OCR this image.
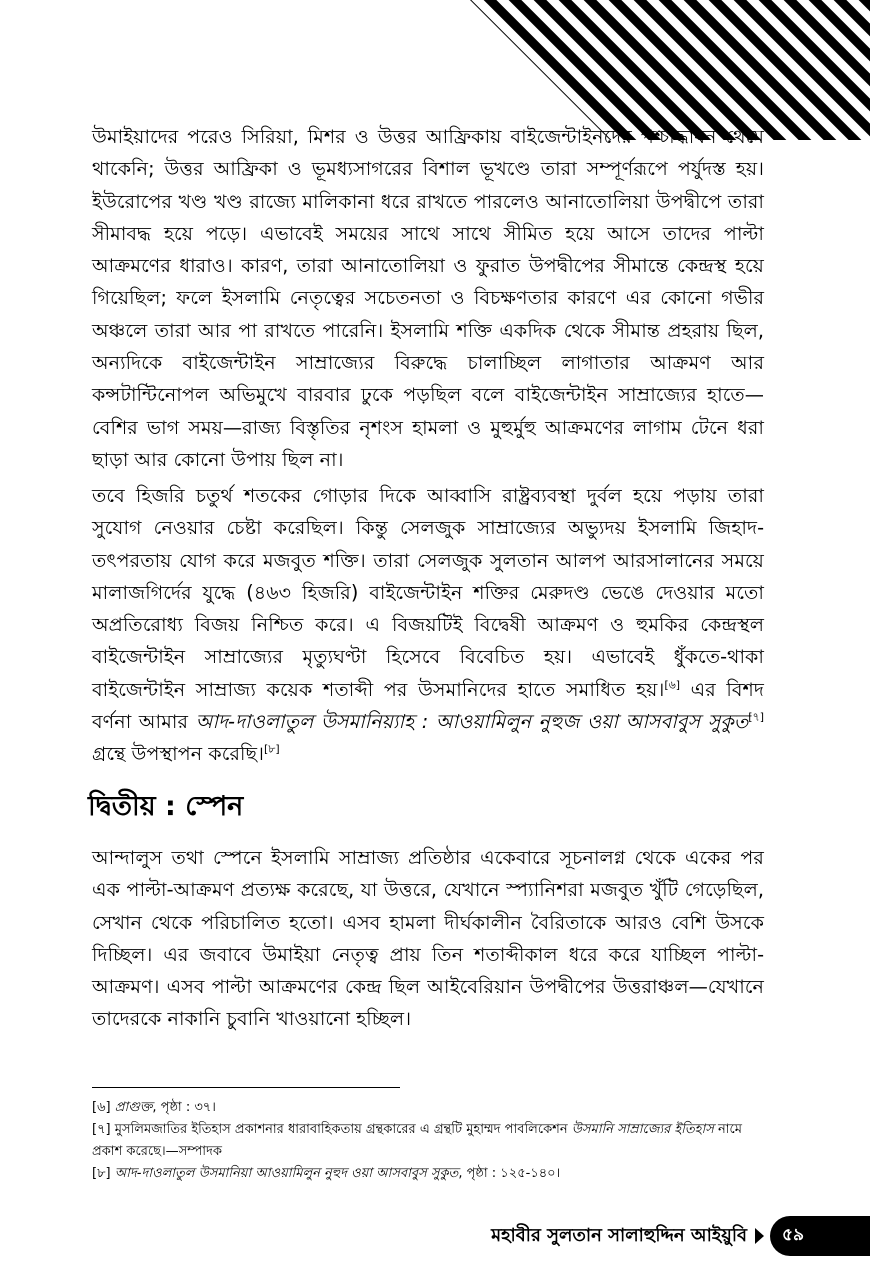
উমাইয়াদের পরেও সিরিয়া, মিশর ও উত্তর আফ্রিকায় বাইজেন্টাইনদের পশ্চাদ্ধাবন থেমে থাকেনি; উত্তর আফ্রিকা ও ভূমধ্যসাগরের বিশাল ভূখণ্ডে তারা সম্পূর্ণরূপে পর্যুদস্ত হয়। ইউরোপের খণ্ড খণ্ড রাজ্যে মালিকানা ধরে রাখতে পারলেও আনাতোলিয়া উপদ্বীপে তারা সীমাবদ্ধ হয়ে পড়ে। এভাবেই সময়ের সাথে সাথে সীমিত হয়ে আসে তাদের পাল্টা আক্রমণের ধারাও। কারণ, তারা আনাতোলিয়া ও ফুরাত উপদ্বীপের সীমান্তে কেন্দ্রস্থ হয়ে গিয়েছিল; ফলে ইসলামি নেতৃত্বের সচেতনতা ও বিচক্ষণতার কারণে এর কোনো গভীর অঞ্চলে তারা আর পা রাখতে পারেনি। ইসলামি শক্তি একদিক থেকে সীমান্ত প্রহরায় ছিল, অন্যদিকে বাইজেন্টাইন সাম্রাজ্যের বিরুদ্ধে চালাচ্ছিল লাগাতার আক্রমণ আর কন্সটান্টিনোপল অভিমুখে বারবার ঢুকে পড়ছিল বলে বাইজেন্টাইন সাম্রাজ্যের হাতে—বেশির ভাগ সময়—রাজ্য বিস্তৃতির নৃশংস হামলা ও মুহুর্মুহু আক্রমণের লাগাম টেনে ধরা ছাড়া আর কোনো উপায় ছিল না।

তবে হিজরি চতুর্থ শতকের গোড়ার দিকে আব্বাসি রাষ্ট্রব্যবস্থা দুর্বল হয়ে পড়ায় তারা সুযোগ নেওয়ার চেষ্টা করেছিল। কিন্তু সেলজুক সাম্রাজ্যের অভ্যুদয় ইসলামি জিহাদ-তৎপরতায় যোগ করে মজবুত শক্তি। তারা সেলজুক সুলতান আলপ আরসালানের সময়ে মালাজগির্দের যুদ্ধে (৪৬৩ হিজরি) বাইজেন্টাইন শক্তির মেরুদণ্ড ভেঙে দেওয়ার মতো অপ্রতিরোধ্য বিজয় নিশ্চিত করে। এ বিজয়টিই বিদ্বেষী আক্রমণ ও হুমকির কেন্দ্রস্থল বাইজেন্টাইন সাম্রাজ্যের মৃত্যুঘণ্টা হিসেবে বিবেচিত হয়। এভাবেই ধুঁকতে-থাকা বাইজেন্টাইন সাম্রাজ্য কয়েক শতাব্দী পর উসমানিদের হাতে সমাধিত হয়।[৬] এর বিশদ বর্ণনা আমার আদ-দাওলাতুল উসমানিয়্যাহ : আওয়ামিলুন নুহুজ ওয়া আসবাবুস সুকুত[৭] গ্রন্থে উপস্থাপন করেছি।[৮]

দ্বিতীয় : স্পেন

আন্দালুস তথা স্পেনে ইসলামি সাম্রাজ্য প্রতিষ্ঠার একেবারে সূচনালগ্ন থেকে একের পর এক পাল্টা-আক্রমণ প্রত্যক্ষ করেছে, যা উত্তরে, যেখানে স্প্যানিশরা মজবুত খুঁটি গেড়েছিল, সেখান থেকে পরিচালিত হতো। এসব হামলা দীর্ঘকালীন বৈরিতাকে আরও বেশি উসকে দিচ্ছিল। এর জবাবে উমাইয়া নেতৃত্ব প্রায় তিন শতাব্দীকাল ধরে করে যাচ্ছিল পাল্টা-আক্রমণ। এসব পাল্টা আক্রমণের কেন্দ্র ছিল আইবেরিয়ান উপদ্বীপের উত্তরাঞ্চল—যেখানে তাদেরকে নাকানি চুবানি খাওয়ানো হচ্ছিল।

[৬] প্রাগুক্ত, পৃষ্ঠা : ৩৭।
[৭] মুসলিমজাতির ইতিহাস প্রকাশনার ধারাবাহিকতায় গ্রন্থকারের এ গ্রন্থটি মুহাম্মদ পাবলিকেশন উসমানি সাম্রাজ্যের ইতিহাস নামে প্রকাশ করেছে।—সম্পাদক
[৮] আদ-দাওলাতুল উসমানিয়া আওয়ামিলুন নুহুদ ওয়া আসবাবুস সুকুত, পৃষ্ঠা : ১২৫-১৪০।
মহাবীর সুলতান সালাহুদ্দিন আইয়ুবি ৫৯
